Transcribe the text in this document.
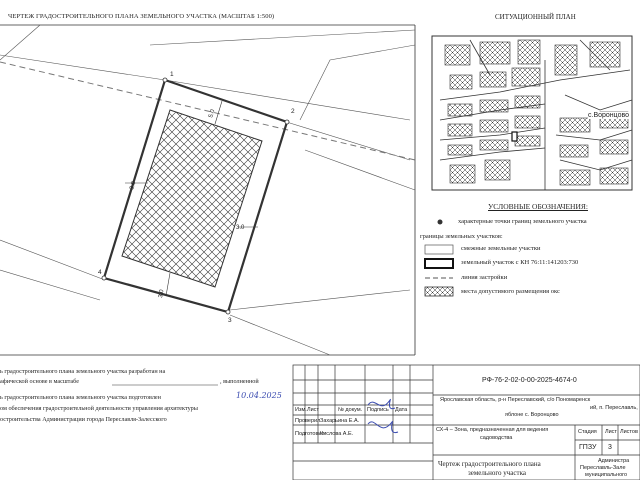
ЧЕРТЕЖ ГРАДОСТРОИТЕЛЬНОГО ПЛАНА ЗЕМЕЛЬНОГО УЧАСТКА (МАСШТАБ 1:500)	СИТУАЦИОННЫЙ ПЛАН
1
2
3
4
5.0
3.0
3.0
3.0
с.Воронцово
УСЛОВНЫЕ ОБОЗНАЧЕНИЯ:
характерные точки границ земельного участка
границы земельных участков:
смежные земельные участки
земельный участок с КН 76:11:141203:730
линия застройки
места допустимого размещения окс
ь градостроительного плана земельного участка разработан на
афической основе в масштабе	, выполненной
ь градостроительного плана земельного участка подготовлен	10.04.2025
ом обеспечения градостроительной деятельности управления архитектуры
остроительства Администрации города Переславля-Залесского
РФ-76-2-02-0-00-2025-4674-0
Ярославская область, р-н Переславский, с/о Пономаренск
ий, п. Переславль,
яблоне с. Воронцово
Изм. Лист	№ докум. Подпись Дата
Проверил Захарьина Е.А.
Подготовил
Кислова А.Е.
СХ-4 – Зона, предназначенная для ведения
садоводства
Стадия Лист Листов
ГПЗУ 3
Чертеж градостроительного плана
земельного участка
Администра
Переславль-Зале
муниципального
